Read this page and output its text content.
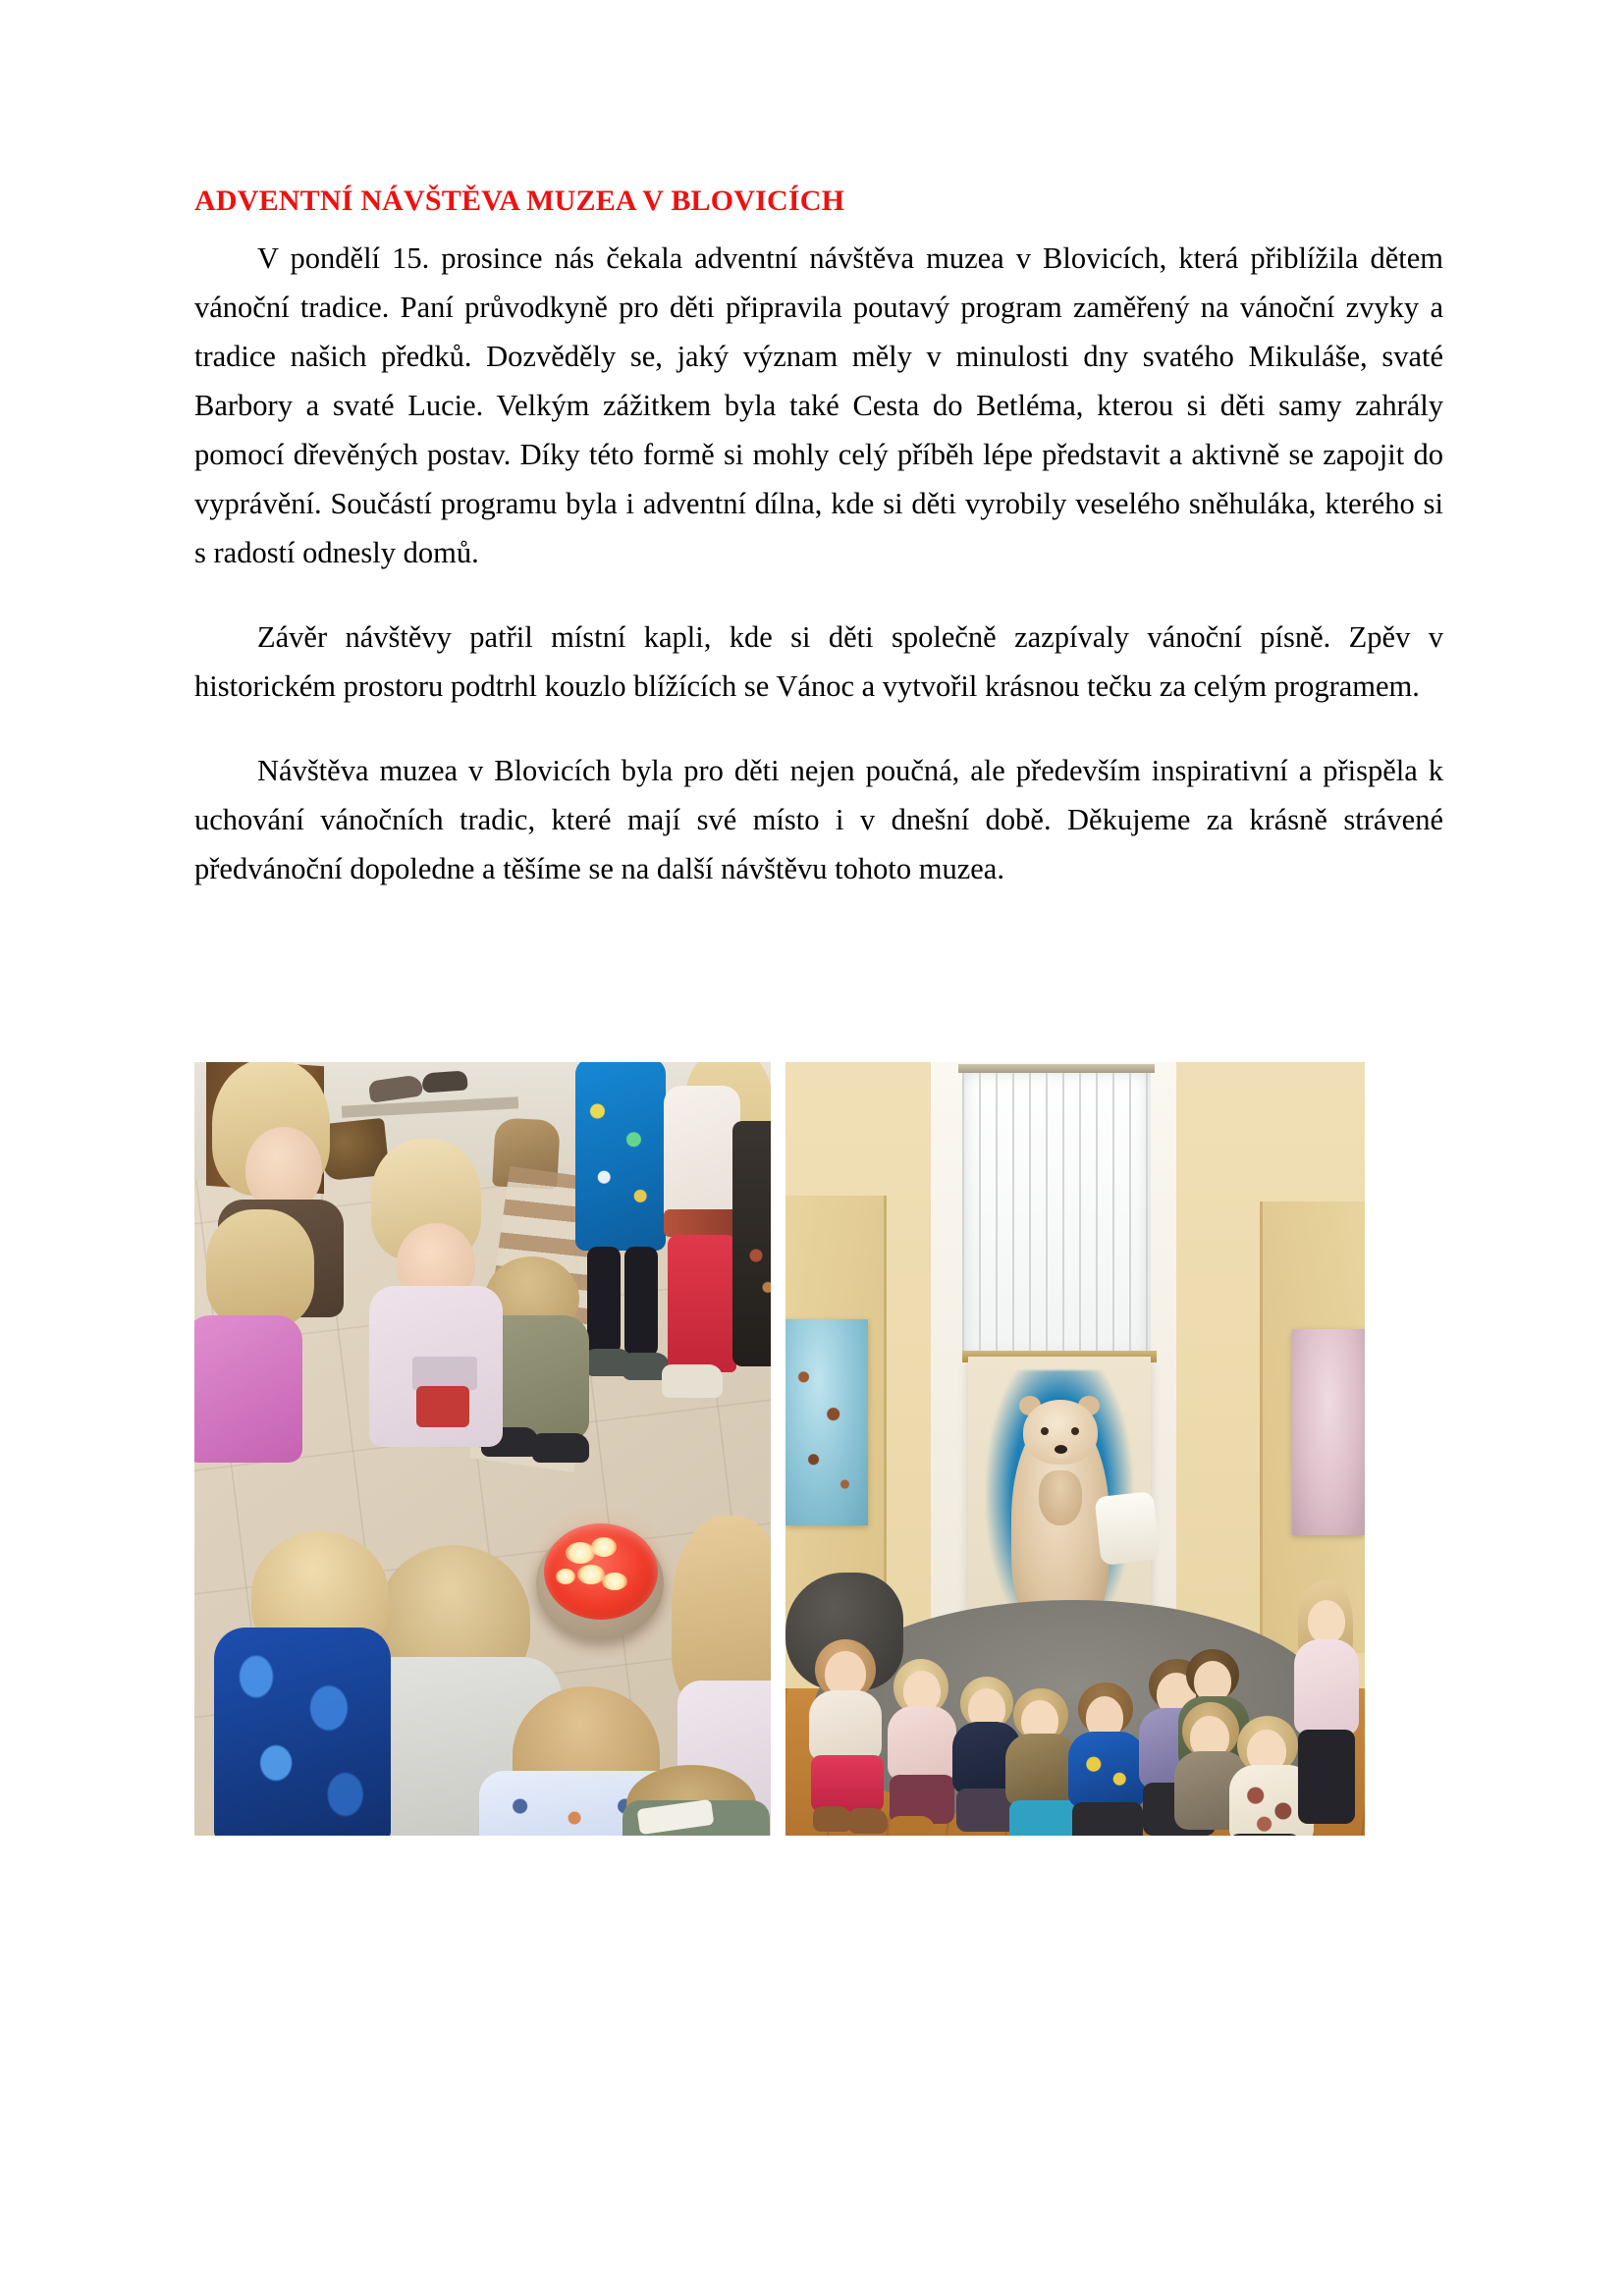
ADVENTNÍ NÁVŠTĚVA MUZEA V BLOVICÍCH

V pondělí 15. prosince nás čekala adventní návštěva muzea v Blovicích, která přiblížila dětem vánoční tradice. Paní průvodkyně pro děti připravila poutavý program zaměřený na vánoční zvyky a tradice našich předků. Dozvěděly se, jaký význam měly v minulosti dny svatého Mikuláše, svaté Barbory a svaté Lucie. Velkým zážitkem byla také Cesta do Betléma, kterou si děti samy zahrály pomocí dřevěných postav. Díky této formě si mohly celý příběh lépe představit a aktivně se zapojit do vyprávění. Součástí programu byla i adventní dílna, kde si děti vyrobily veselého sněhuláka, kterého si s radostí odnesly domů.

Závěr návštěvy patřil místní kapli, kde si děti společně zazpívaly vánoční písně. Zpěv v historickém prostoru podtrhl kouzlo blížících se Vánoc a vytvořil krásnou tečku za celým programem.

Návštěva muzea v Blovicích byla pro děti nejen poučná, ale především inspirativní a přispěla k uchování vánočních tradic, které mají své místo i v dnešní době. Děkujeme za krásně strávené předvánoční dopoledne a těšíme se na další návštěvu tohoto muzea.
